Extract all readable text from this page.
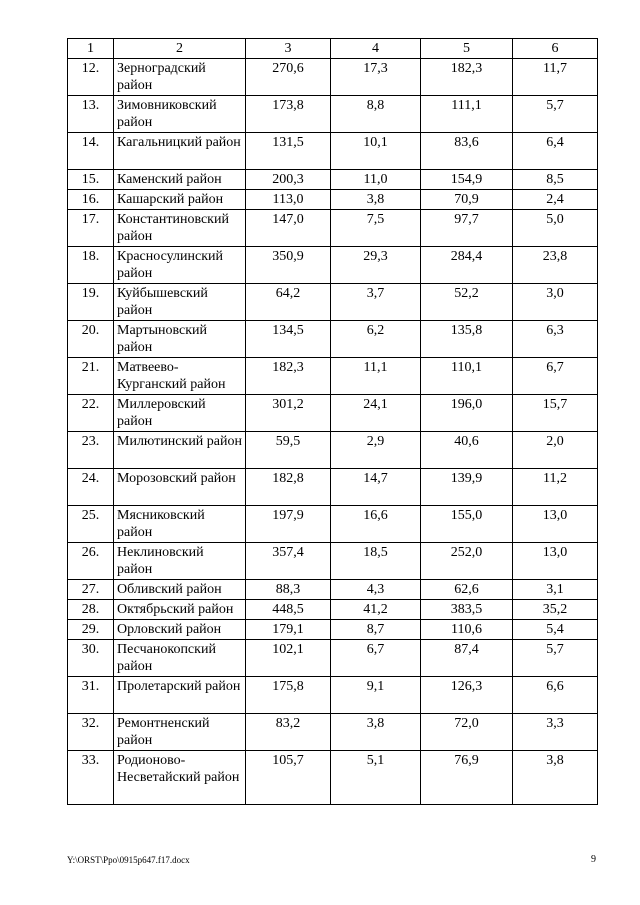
1	2	3	4	5	6
12.	Зерноградский район	270,6	17,3	182,3	11,7
13.	Зимовниковский район	173,8	8,8	111,1	5,7
14.	Кагальницкий район	131,5	10,1	83,6	6,4
15.	Каменский район	200,3	11,0	154,9	8,5
16.	Кашарский район	113,0	3,8	70,9	2,4
17.	Константиновский район	147,0	7,5	97,7	5,0
18.	Красносулинский район	350,9	29,3	284,4	23,8
19.	Куйбышевский район	64,2	3,7	52,2	3,0
20.	Мартыновский район	134,5	6,2	135,8	6,3
21.	Матвеево-Курганский район	182,3	11,1	110,1	6,7
22.	Миллеровский район	301,2	24,1	196,0	15,7
23.	Милютинский район	59,5	2,9	40,6	2,0
24.	Морозовский район	182,8	14,7	139,9	11,2
25.	Мясниковский район	197,9	16,6	155,0	13,0
26.	Неклиновский район	357,4	18,5	252,0	13,0
27.	Обливский район	88,3	4,3	62,6	3,1
28.	Октябрьский район	448,5	41,2	383,5	35,2
29.	Орловский район	179,1	8,7	110,6	5,4
30.	Песчанокопский район	102,1	6,7	87,4	5,7
31.	Пролетарский район	175,8	9,1	126,3	6,6
32.	Ремонтненский район	83,2	3,8	72,0	3,3
33.	Родионово-Несветайский район	105,7	5,1	76,9	3,8
Y:\ORST\Ppo\0915p647.f17.docx	9
